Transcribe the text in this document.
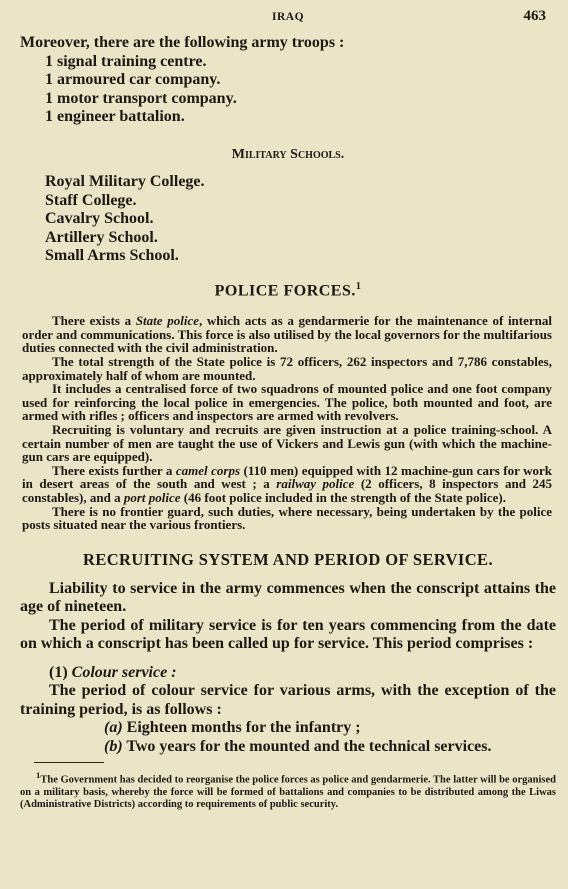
IRAQ	463

Moreover, there are the following army troops :

1 signal training centre.

1 armoured car company.

1 motor transport company.

1 engineer battalion.

Military Schools.

Royal Military College.

Staff College.

Cavalry School.

Artillery School.

Small Arms School.

POLICE FORCES.$^1$

There exists a State police, which acts as a gendarmerie for the maintenance of internal order and communications. This force is also utilised by the local governors for the multifarious duties connected with the civil administration.

The total strength of the State police is 72 officers, 262 inspectors and 7,786 constables, approximately half of whom are mounted.

It includes a centralised force of two squadrons of mounted police and one foot company used for reinforcing the local police in emergencies. The police, both mounted and foot, are armed with rifles ; officers and inspectors are armed with revolvers.

Recruiting is voluntary and recruits are given instruction at a police training-school. A certain number of men are taught the use of Vickers and Lewis gun (with which the machine-gun cars are equipped).

There exists further a camel corps (110 men) equipped with 12 machine-gun cars for work in desert areas of the south and west ; a railway police (2 officers, 8 inspectors and 245 constables), and a port police (46 foot police included in the strength of the State police).

There is no frontier guard, such duties, where necessary, being undertaken by the police posts situated near the various frontiers.

RECRUITING SYSTEM AND PERIOD OF SERVICE.

Liability to service in the army commences when the conscript attains the age of nineteen.

The period of military service is for ten years commencing from the date on which a conscript has been called up for service. This period comprises :

(1) Colour service :

The period of colour service for various arms, with the exception of the training period, is as follows :

(a) Eighteen months for the infantry ;

(b) Two years for the mounted and the technical services.

$^1$The Government has decided to reorganise the police forces as police and gendarmerie. The latter will be organised on a military basis, whereby the force will be formed of battalions and companies to be distributed among the Liwas (Administrative Districts) according to requirements of public security.
